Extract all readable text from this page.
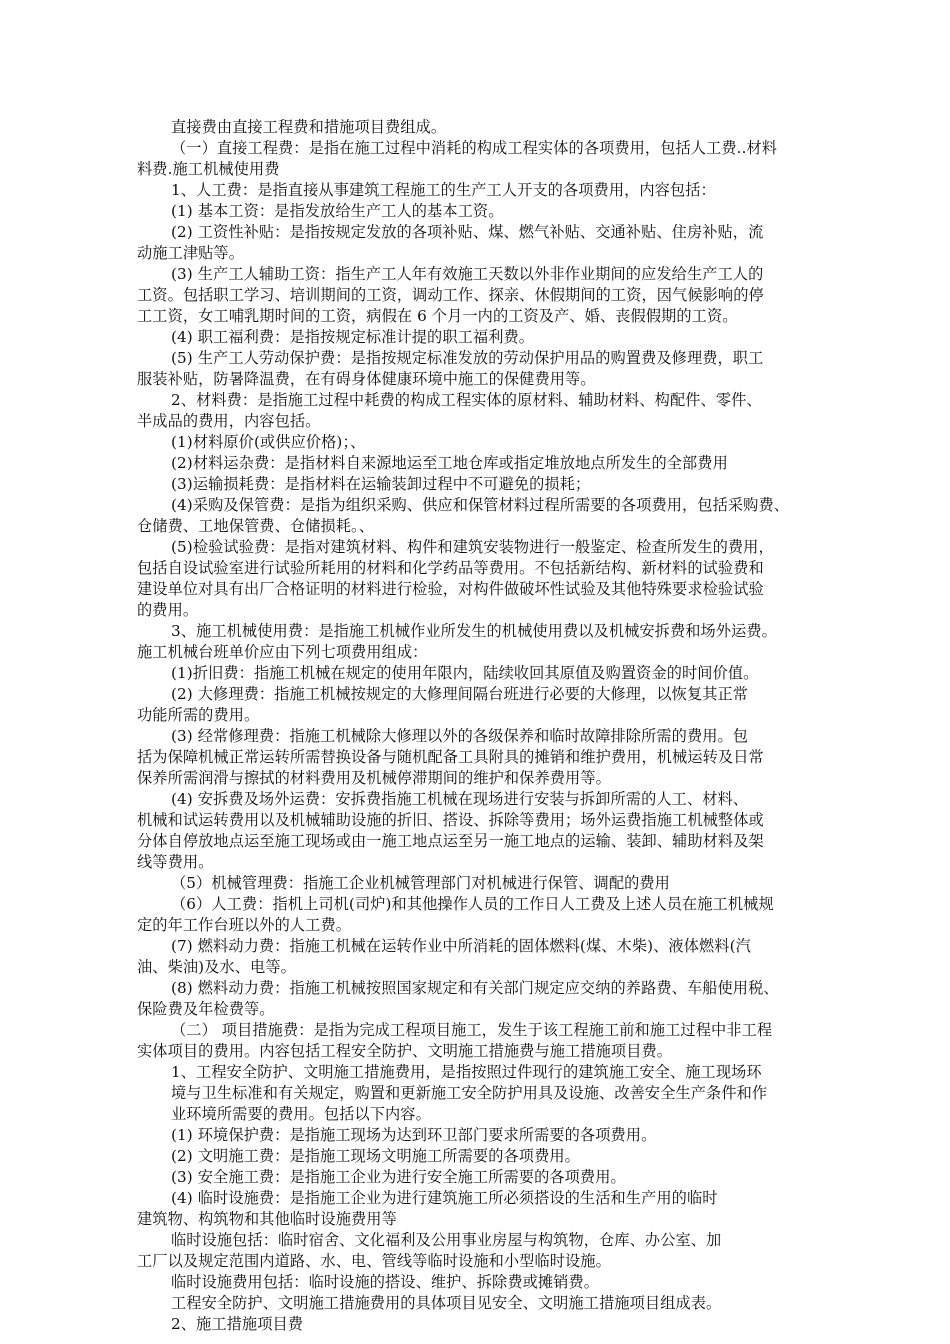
直接费由直接工程费和措施项目费组成。
（一）直接工程费：是指在施工过程中消耗的构成工程实体的各项费用，包括人工费..材料
料费.施工机械使用费
1、人工费：是指直接从事建筑工程施工的生产工人开支的各项费用，内容包括：
(1) 基本工资：是指发放给生产工人的基本工资。
(2) 工资性补贴：是指按规定发放的各项补贴、煤、燃气补贴、交通补贴、住房补贴，流
动施工津贴等。
(3) 生产工人辅助工资：指生产工人年有效施工天数以外非作业期间的应发给生产工人的
工资。包括职工学习、培训期间的工资，调动工作、探亲、休假期间的工资，因气候影响的停
工工资，女工哺乳期时间的工资，病假在 6 个月一内的工资及产、婚、丧假假期的工资。
(4) 职工福利费：是指按规定标准计提的职工福利费。
(5) 生产工人劳动保护费：是指按规定标准发放的劳动保护用品的购置费及修理费，职工
服装补贴，防暑降温费，在有碍身体健康环境中施工的保健费用等。
2、材料费：是指施工过程中耗费的构成工程实体的原材料、辅助材料、构配件、零件、
半成品的费用，内容包括。
(1)材料原价(或供应价格)；、
(2)材料运杂费：是指材料自来源地运至工地仓库或指定堆放地点所发生的全部费用
(3)运输损耗费：是指材料在运输装卸过程中不可避免的损耗；
(4)采购及保管费：是指为组织采购、供应和保管材料过程所需要的各项费用，包括采购费、
仓储费、工地保管费、仓储损耗。、
(5)检验试验费：是指对建筑材料、构件和建筑安装物进行一般鉴定、检查所发生的费用，
包括自设试验室进行试验所耗用的材料和化学药品等费用。不包括新结构、新材料的试验费和
建设单位对具有出厂合格证明的材料进行检验，对构件做破坏性试验及其他特殊要求检验试验
的费用。
3、施工机械使用费：是指施工机械作业所发生的机械使用费以及机械安拆费和场外运费。
施工机械台班单价应由下列七项费用组成：
(1)折旧费：指施工机械在规定的使用年限内，陆续收回其原值及购置资金的时间价值。
(2) 大修理费：指施工机械按规定的大修理间隔台班进行必要的大修理，以恢复其正常
功能所需的费用。
(3) 经常修理费：指施工机械除大修理以外的各级保养和临时故障排除所需的费用。包
括为保障机械正常运转所需替换设备与随机配备工具附具的摊销和维护费用，机械运转及日常
保养所需润滑与擦拭的材料费用及机械停滞期间的维护和保养费用等。
(4) 安拆费及场外运费：安拆费指施工机械在现场进行安装与拆卸所需的人工、材料、
机械和试运转费用以及机械辅助设施的折旧、搭设、拆除等费用；场外运费指施工机械整体或
分体自停放地点运至施工现场或由一施工地点运至另一施工地点的运输、装卸、辅助材料及架
线等费用。
（5）机械管理费：指施工企业机械管理部门对机械进行保管、调配的费用
（6）人工费：指机上司机(司炉)和其他操作人员的工作日人工费及上述人员在施工机械规
定的年工作台班以外的人工费。
(7) 燃料动力费：指施工机械在运转作业中所消耗的固体燃料(煤、木柴)、液体燃料(汽
油、柴油)及水、电等。
(8) 燃料动力费：指施工机械按照国家规定和有关部门规定应交纳的养路费、车船使用税、
保险费及年检费等。
（二） 项目措施费：是指为完成工程项目施工，发生于该工程施工前和施工过程中非工程
实体项目的费用。内容包括工程安全防护、文明施工措施费与施工措施项目费。
1、工程安全防护、文明施工措施费用，是指按照过件现行的建筑施工安全、施工现场环
境与卫生标准和有关规定，购置和更新施工安全防护用具及设施、改善安全生产条件和作
业环境所需要的费用。包括以下内容。
(1) 环境保护费：是指施工现场为达到环卫部门要求所需要的各项费用。
(2) 文明施工费：是指施工现场文明施工所需要的各项费用。
(3) 安全施工费：是指施工企业为进行安全施工所需要的各项费用。
(4) 临时设施费：是指施工企业为进行建筑施工所必须搭设的生活和生产用的临时
建筑物、构筑物和其他临时设施费用等
临时设施包括：临时宿舍、文化福利及公用事业房屋与构筑物，仓库、办公室、加
工厂以及规定范围内道路、水、电、管线等临时设施和小型临时设施。
临时设施费用包括：临时设施的搭设、维护、拆除费或摊销费。
工程安全防护、文明施工措施费用的具体项目见安全、文明施工措施项目组成表。
2、施工措施项目费
